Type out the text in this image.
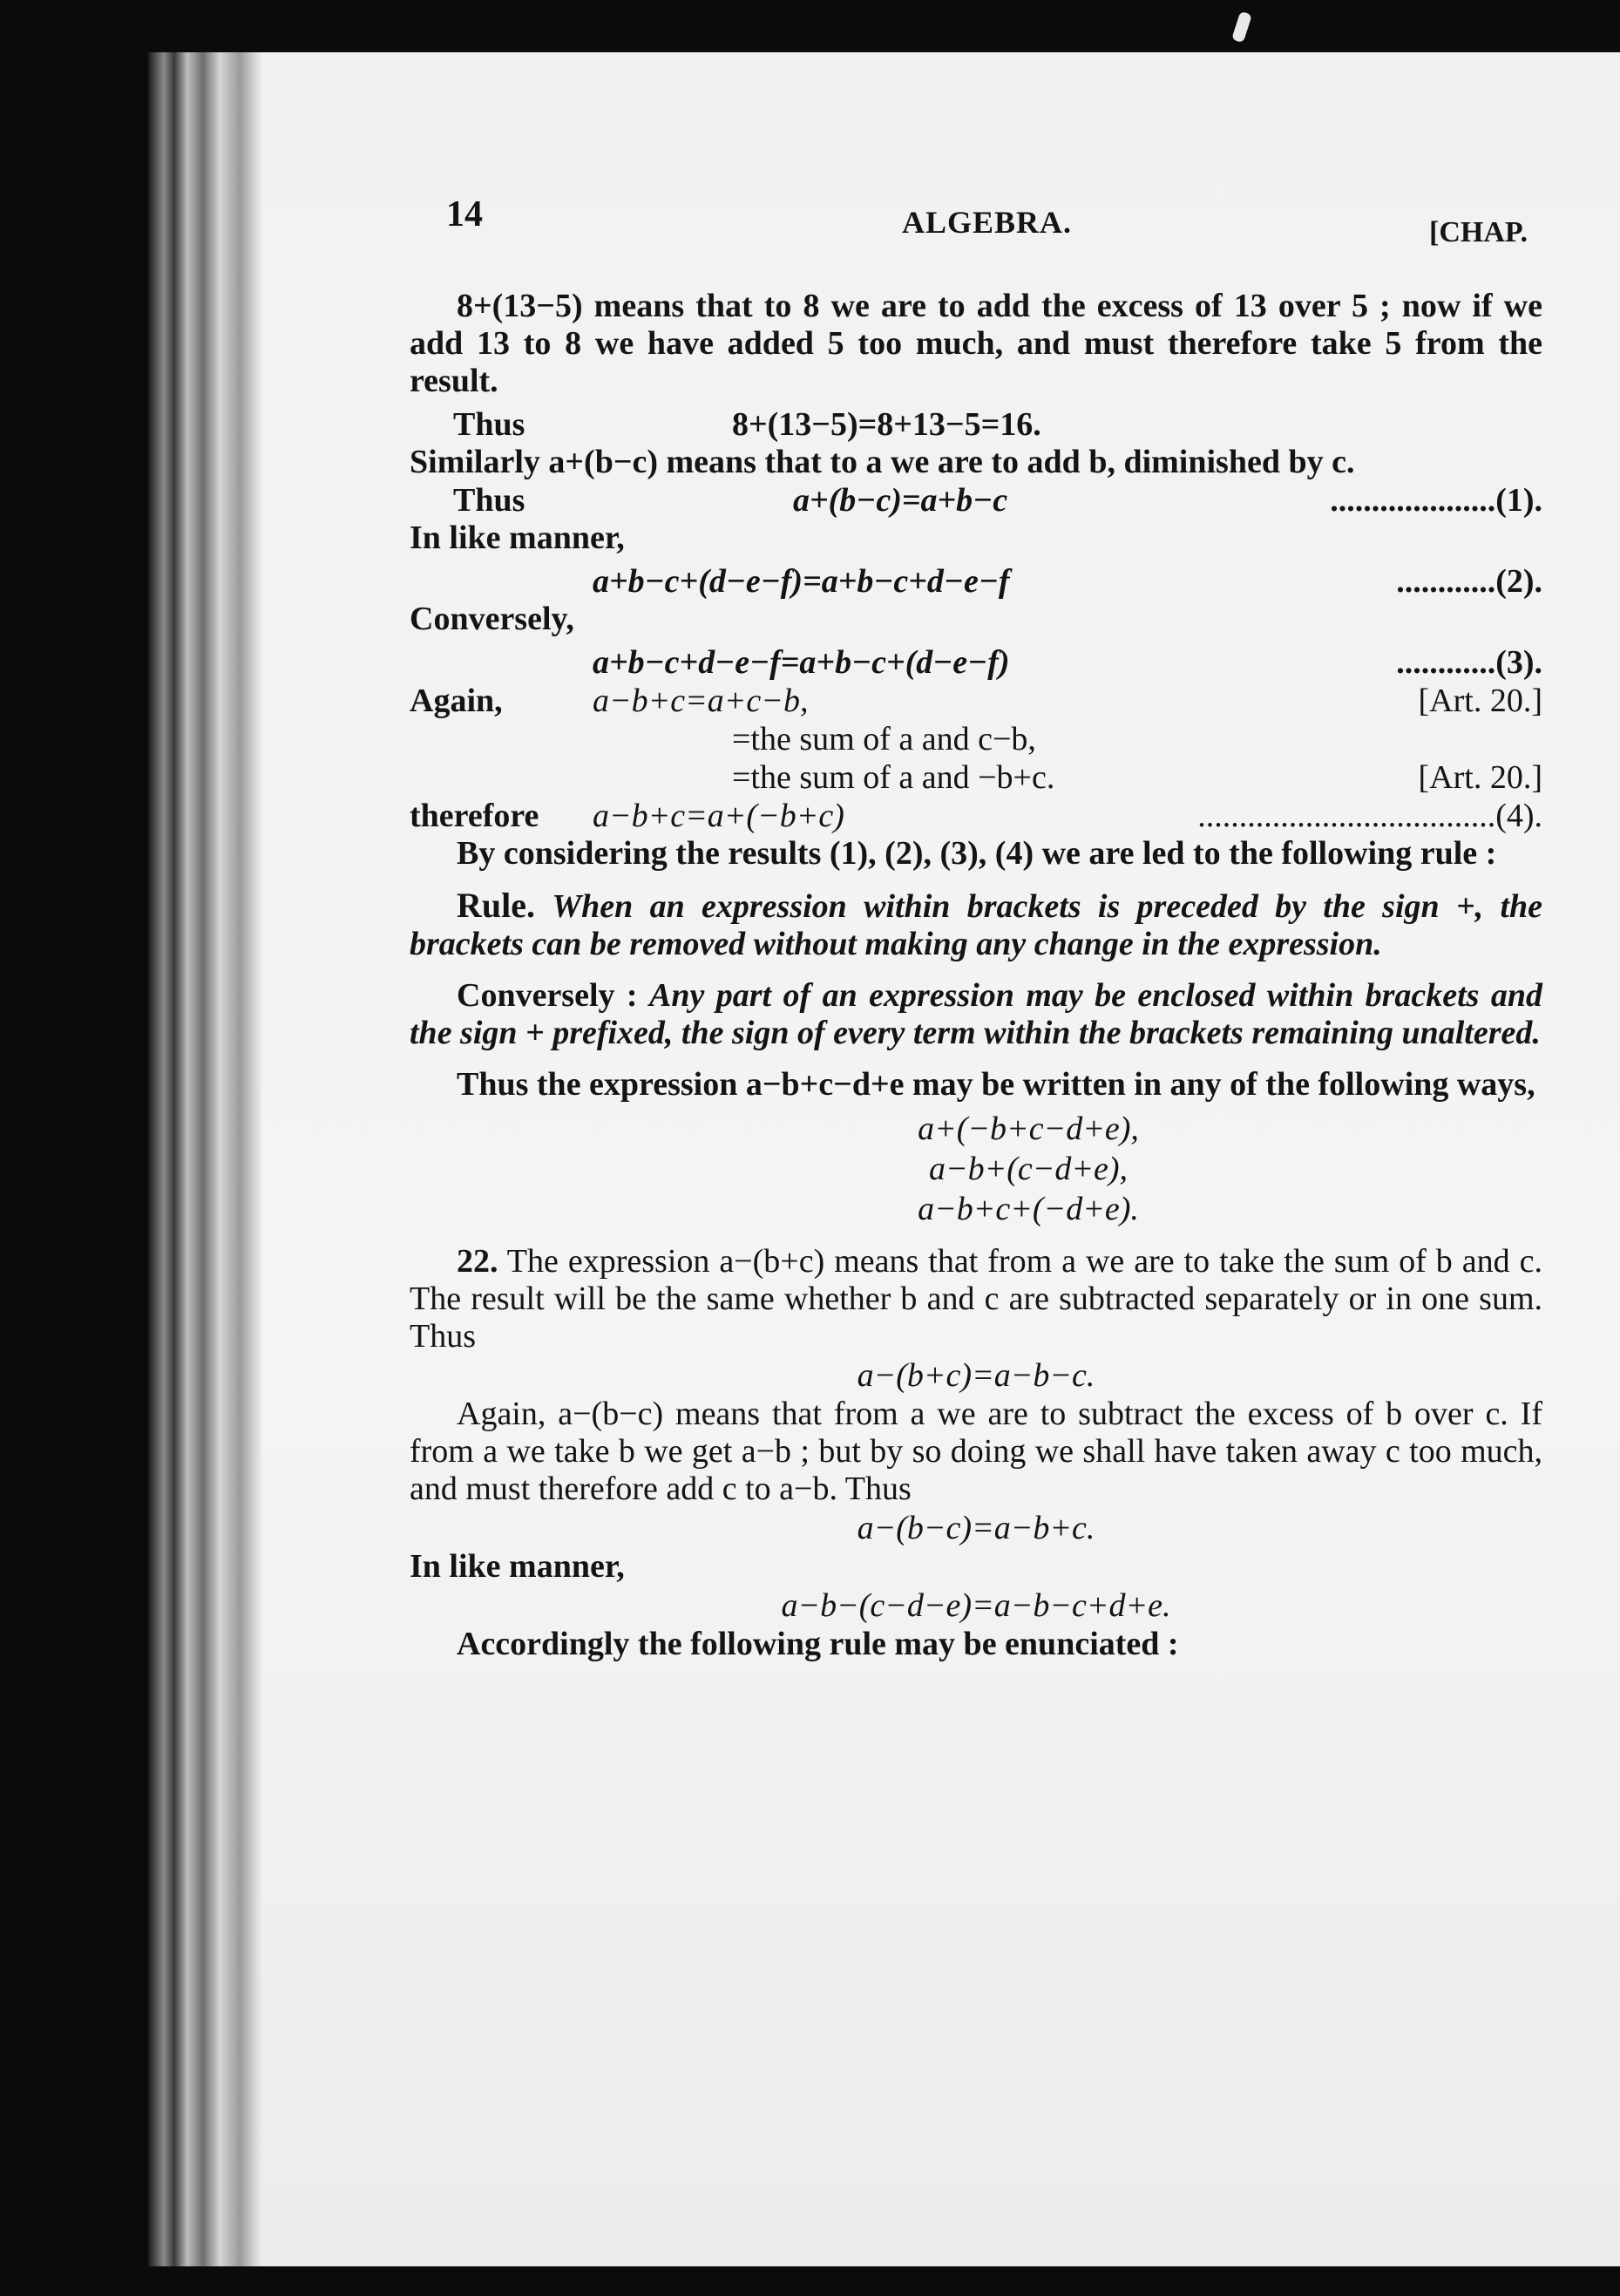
14	ALGEBRA.	[CHAP.

8+(13−5) means that to 8 we are to add the excess of 13 over 5 ; now if we add 13 to 8 we have added 5 too much, and must therefore take 5 from the result.

Thus	8+(13−5)=8+13−5=16.

Similarly a+(b−c) means that to a we are to add b, diminished by c.

Thus	a+(b−c)=a+b−c	....................(1).

In like manner,

a+b−c+(d−e−f)=a+b−c+d−e−f	............(2).

Conversely,

a+b−c+d−e−f=a+b−c+(d−e−f)	............(3).
Again,	a−b+c=a+c−b,	[Art. 20.]
=the sum of a and c−b,
=the sum of a and −b+c.	[Art. 20.]
therefore a−b+c=a+(−b+c)	....................................(4).

By considering the results (1), (2), (3), (4) we are led to the following rule :

Rule. When an expression within brackets is preceded by the sign +, the brackets can be removed without making any change in the expression.

Conversely : Any part of an expression may be enclosed within brackets and the sign + prefixed, the sign of every term within the brackets remaining unaltered.

Thus the expression a−b+c−d+e may be written in any of the following ways,

a+(−b+c−d+e),
a−b+(c−d+e),
a−b+c+(−d+e).

22. The expression a−(b+c) means that from a we are to take the sum of b and c. The result will be the same whether b and c are subtracted separately or in one sum. Thus

a−(b+c)=a−b−c.

Again, a−(b−c) means that from a we are to subtract the excess of b over c. If from a we take b we get a−b ; but by so doing we shall have taken away c too much, and must therefore add c to a−b. Thus

a−(b−c)=a−b+c.

In like manner,

a−b−(c−d−e)=a−b−c+d+e.

Accordingly the following rule may be enunciated :
